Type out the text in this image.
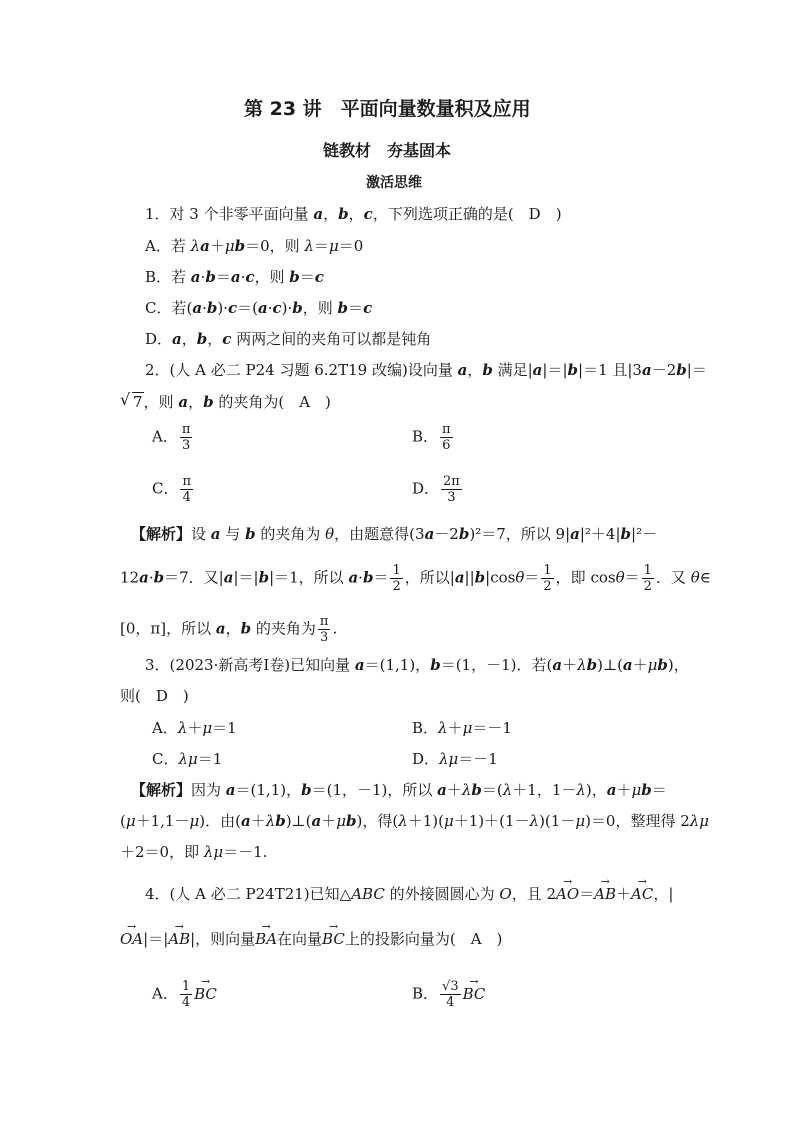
第 23 讲　平面向量数量积及应用
链教材　夯基固本
激活思维
1．对 3 个非零平面向量 a，b，c，下列选项正确的是(　D　)
A．若 λa＋μb＝0，则 λ＝μ＝0
B．若 a·b＝a·c，则 b＝c
C．若(a·b)·c＝(a·c)·b，则 b＝c
D．a，b，c 两两之间的夹角可以都是钝角
2．(人 A 必二 P24 习题 6.2T19 改编)设向量 a，b 满足|a|＝|b|＝1 且|3a－2b|＝
√ 7，则 a，b 的夹角为(　A　)
A． $\frac{\pi}{3}$	B． $\frac{\pi}{6}$
C． $\frac{\pi}{4}$	D． $\frac{2\pi}{3}$
【解析】设 a 与 b 的夹角为 θ，由题意得(3a－2b)²＝7，所以 9|a|²＋4|b|²－
12a·b＝7．又|a|＝|b|＝1，所以 $a\cdot b= \frac{1}{2}$ ，所以$|a||b|\cos\theta= \frac{1}{2}$ ，即 $\cos\theta= \frac{1}{2}$ ．又 θ∈
[0，π]，所以 a，b 的夹角为 $\frac{\pi}{3}$ .
3．(2023·新高考Ⅰ卷)已知向量 a＝(1,1)，b＝(1，－1)．若(a＋λb)⊥(a＋μb)，
则(　D　)
A．λ＋μ＝1	B．λ＋μ＝－1
C．λμ＝1	D．λμ＝－1
【解析】因为 a＝(1,1)，b＝(1，－1)，所以 a＋λb＝(λ＋1，1－λ)，a＋μb＝
(μ＋1,1－μ)．由(a＋λb)⊥(a＋μb)，得(λ＋1)(μ＋1)＋(1－λ)(1－μ)＝0，整理得 2λμ
＋2＝0，即 λμ＝－1.
4．(人 A 必二 P24T21)已知△ABC 的外接圆圆心为 O，且 2→ AO＝→ AB＋→ AC，|
→ OA|＝|→ AB|，则向量→ BA在向量→ BC上的投影向量为(　A　)
A． $\frac{1}{4}$ → BC	B． $\frac{√3}{4}$ → BC
